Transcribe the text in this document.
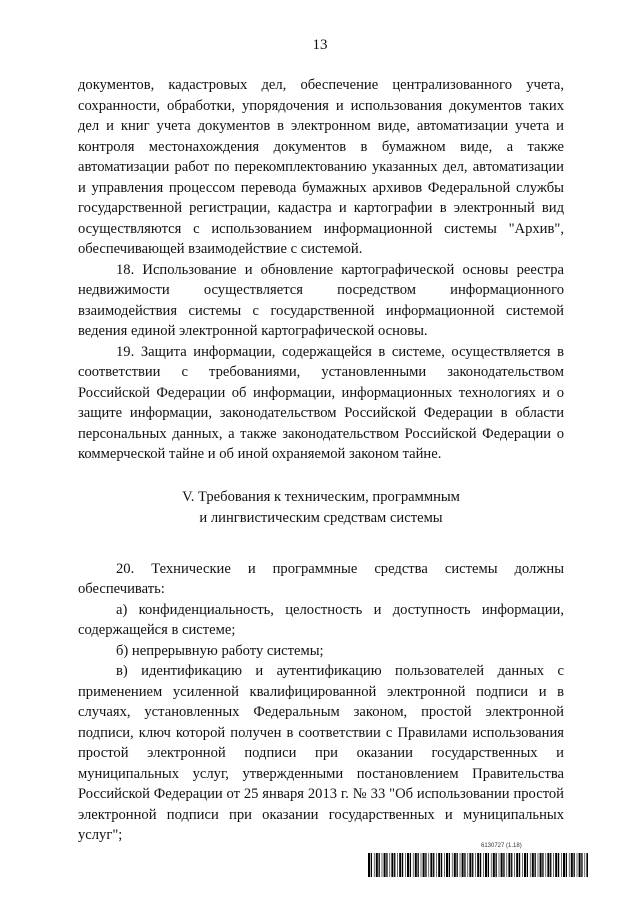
13

документов, кадастровых дел, обеспечение централизованного учета, сохранности, обработки, упорядочения и использования документов таких дел и книг учета документов в электронном виде, автоматизации учета и контроля местонахождения документов в бумажном виде, а также автоматизации работ по перекомплектованию указанных дел, автоматизации и управления процессом перевода бумажных архивов Федеральной службы государственной регистрации, кадастра и картографии в электронный вид осуществляются с использованием информационной системы "Архив", обеспечивающей взаимодействие с системой.

18. Использование и обновление картографической основы реестра недвижимости осуществляется посредством информационного взаимодействия системы с государственной информационной системой ведения единой электронной картографической основы.

19. Защита информации, содержащейся в системе, осуществляется в соответствии с требованиями, установленными законодательством Российской Федерации об информации, информационных технологиях и о защите информации, законодательством Российской Федерации в области персональных данных, а также законодательством Российской Федерации о коммерческой тайне и об иной охраняемой законом тайне.

V. Требования к техническим, программным
и лингвистическим средствам системы

20. Технические и программные средства системы должны обеспечивать:

а) конфиденциальность, целостность и доступность информации, содержащейся в системе;

б) непрерывную работу системы;

в) идентификацию и аутентификацию пользователей данных с применением усиленной квалифицированной электронной подписи и в случаях, установленных Федеральным законом, простой электронной подписи, ключ которой получен в соответствии с Правилами использования простой электронной подписи при оказании государственных и муниципальных услуг, утвержденными постановлением Правительства Российской Федерации от 25 января 2013 г. № 33 "Об использовании простой электронной подписи при оказании государственных и муниципальных услуг";

6130727 (1.18)
